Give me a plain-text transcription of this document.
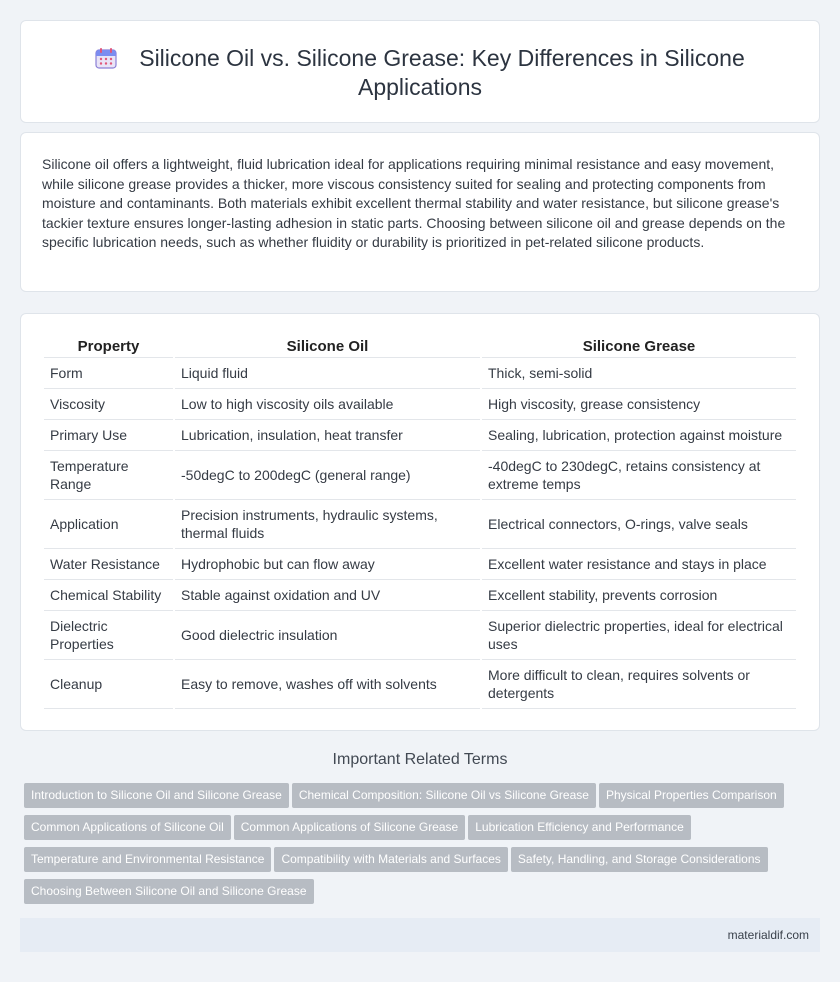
Silicone Oil vs. Silicone Grease: Key Differences in Silicone Applications

Silicone oil offers a lightweight, fluid lubrication ideal for applications requiring minimal resistance and easy movement, while silicone grease provides a thicker, more viscous consistency suited for sealing and protecting components from moisture and contaminants. Both materials exhibit excellent thermal stability and water resistance, but silicone grease's tackier texture ensures longer-lasting adhesion in static parts. Choosing between silicone oil and grease depends on the specific lubrication needs, such as whether fluidity or durability is prioritized in pet-related silicone products.

Property	Silicone Oil	Silicone Grease
Form	Liquid fluid	Thick, semi-solid
Viscosity	Low to high viscosity oils available	High viscosity, grease consistency
Primary Use	Lubrication, insulation, heat transfer	Sealing, lubrication, protection against moisture
Temperature Range	-50degC to 200degC (general range)	-40degC to 230degC, retains consistency at extreme temps
Application	Precision instruments, hydraulic systems, thermal fluids	Electrical connectors, O-rings, valve seals
Water Resistance	Hydrophobic but can flow away	Excellent water resistance and stays in place
Chemical Stability	Stable against oxidation and UV	Excellent stability, prevents corrosion
Dielectric Properties	Good dielectric insulation	Superior dielectric properties, ideal for electrical uses
Cleanup	Easy to remove, washes off with solvents	More difficult to clean, requires solvents or detergents
Important Related Terms
Introduction to Silicone Oil and Silicone Grease Chemical Composition: Silicone Oil vs Silicone Grease Physical Properties Comparison
Common Applications of Silicone Oil Common Applications of Silicone Grease Lubrication Efficiency and Performance
Temperature and Environmental Resistance Compatibility with Materials and Surfaces Safety, Handling, and Storage Considerations
Choosing Between Silicone Oil and Silicone Grease
materialdif.com
